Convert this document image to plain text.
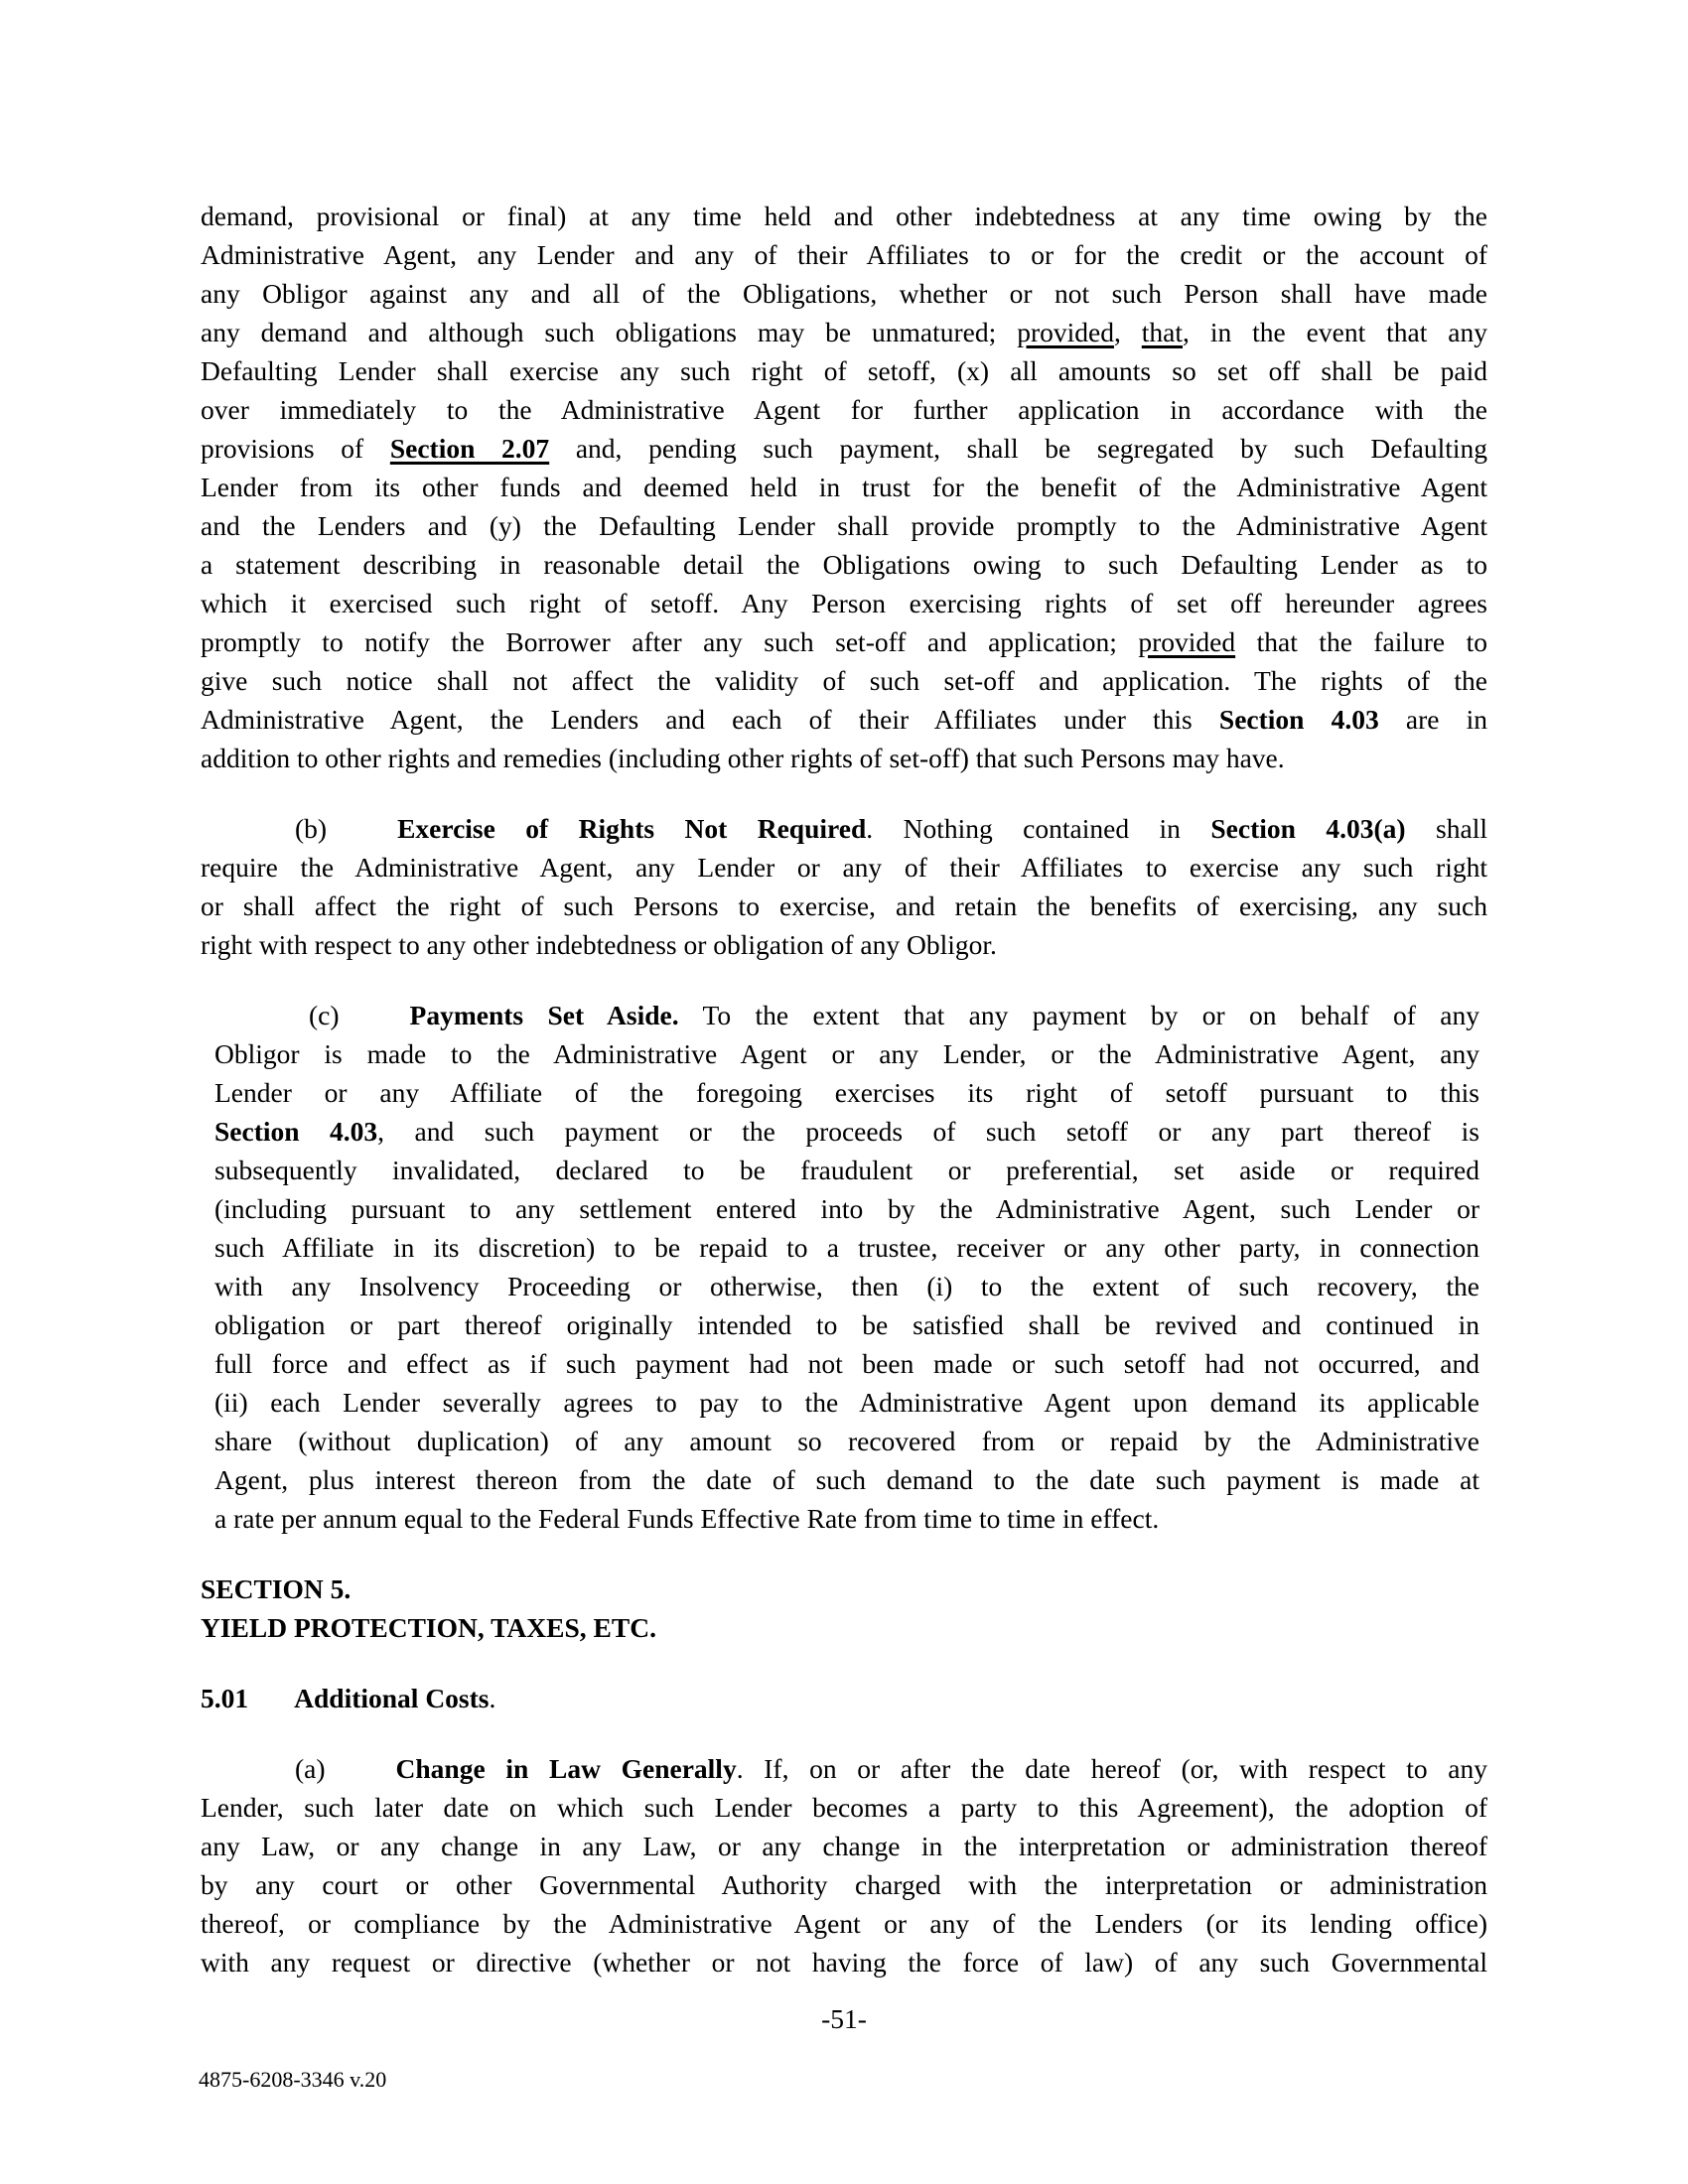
demand, provisional or final) at any time held and other indebtedness at any time owing by the
Administrative Agent, any Lender and any of their Affiliates to or for the credit or the account of
any Obligor against any and all of the Obligations, whether or not such Person shall have made
any demand and although such obligations may be unmatured; provided, that, in the event that any
Defaulting Lender shall exercise any such right of setoff, (x) all amounts so set off shall be paid
over immediately to the Administrative Agent for further application in accordance with the
provisions of Section 2.07 and, pending such payment, shall be segregated by such Defaulting
Lender from its other funds and deemed held in trust for the benefit of the Administrative Agent
and the Lenders and (y) the Defaulting Lender shall provide promptly to the Administrative Agent
a statement describing in reasonable detail the Obligations owing to such Defaulting Lender as to
which it exercised such right of setoff. Any Person exercising rights of set off hereunder agrees
promptly to notify the Borrower after any such set-off and application; provided that the failure to
give such notice shall not affect the validity of such set-off and application. The rights of the
Administrative Agent, the Lenders and each of their Affiliates under this Section 4.03 are in
addition to other rights and remedies (including other rights of set-off) that such Persons may have.
(b)	Exercise of Rights Not Required. Nothing contained in Section 4.03(a) shall
require the Administrative Agent, any Lender or any of their Affiliates to exercise any such right
or shall affect the right of such Persons to exercise, and retain the benefits of exercising, any such
right with respect to any other indebtedness or obligation of any Obligor.
(c)	Payments Set Aside. To the extent that any payment by or on behalf of any
Obligor is made to the Administrative Agent or any Lender, or the Administrative Agent, any
Lender or any Affiliate of the foregoing exercises its right of setoff pursuant to this
Section 4.03, and such payment or the proceeds of such setoff or any part thereof is
subsequently invalidated, declared to be fraudulent or preferential, set aside or required
(including pursuant to any settlement entered into by the Administrative Agent, such Lender or
such Affiliate in its discretion) to be repaid to a trustee, receiver or any other party, in connection
with any Insolvency Proceeding or otherwise, then (i) to the extent of such recovery, the
obligation or part thereof originally intended to be satisfied shall be revived and continued in
full force and effect as if such payment had not been made or such setoff had not occurred, and
(ii) each Lender severally agrees to pay to the Administrative Agent upon demand its applicable
share (without duplication) of any amount so recovered from or repaid by the Administrative
Agent, plus interest thereon from the date of such demand to the date such payment is made at
a rate per annum equal to the Federal Funds Effective Rate from time to time in effect.
SECTION 5.
YIELD PROTECTION, TAXES, ETC.
5.01 Additional Costs.
(a)	Change in Law Generally. If, on or after the date hereof (or, with respect to any
Lender, such later date on which such Lender becomes a party to this Agreement), the adoption of
any Law, or any change in any Law, or any change in the interpretation or administration thereof
by any court or other Governmental Authority charged with the interpretation or administration
thereof, or compliance by the Administrative Agent or any of the Lenders (or its lending office)
with any request or directive (whether or not having the force of law) of any such Governmental
-51-
4875-6208-3346 v.20
